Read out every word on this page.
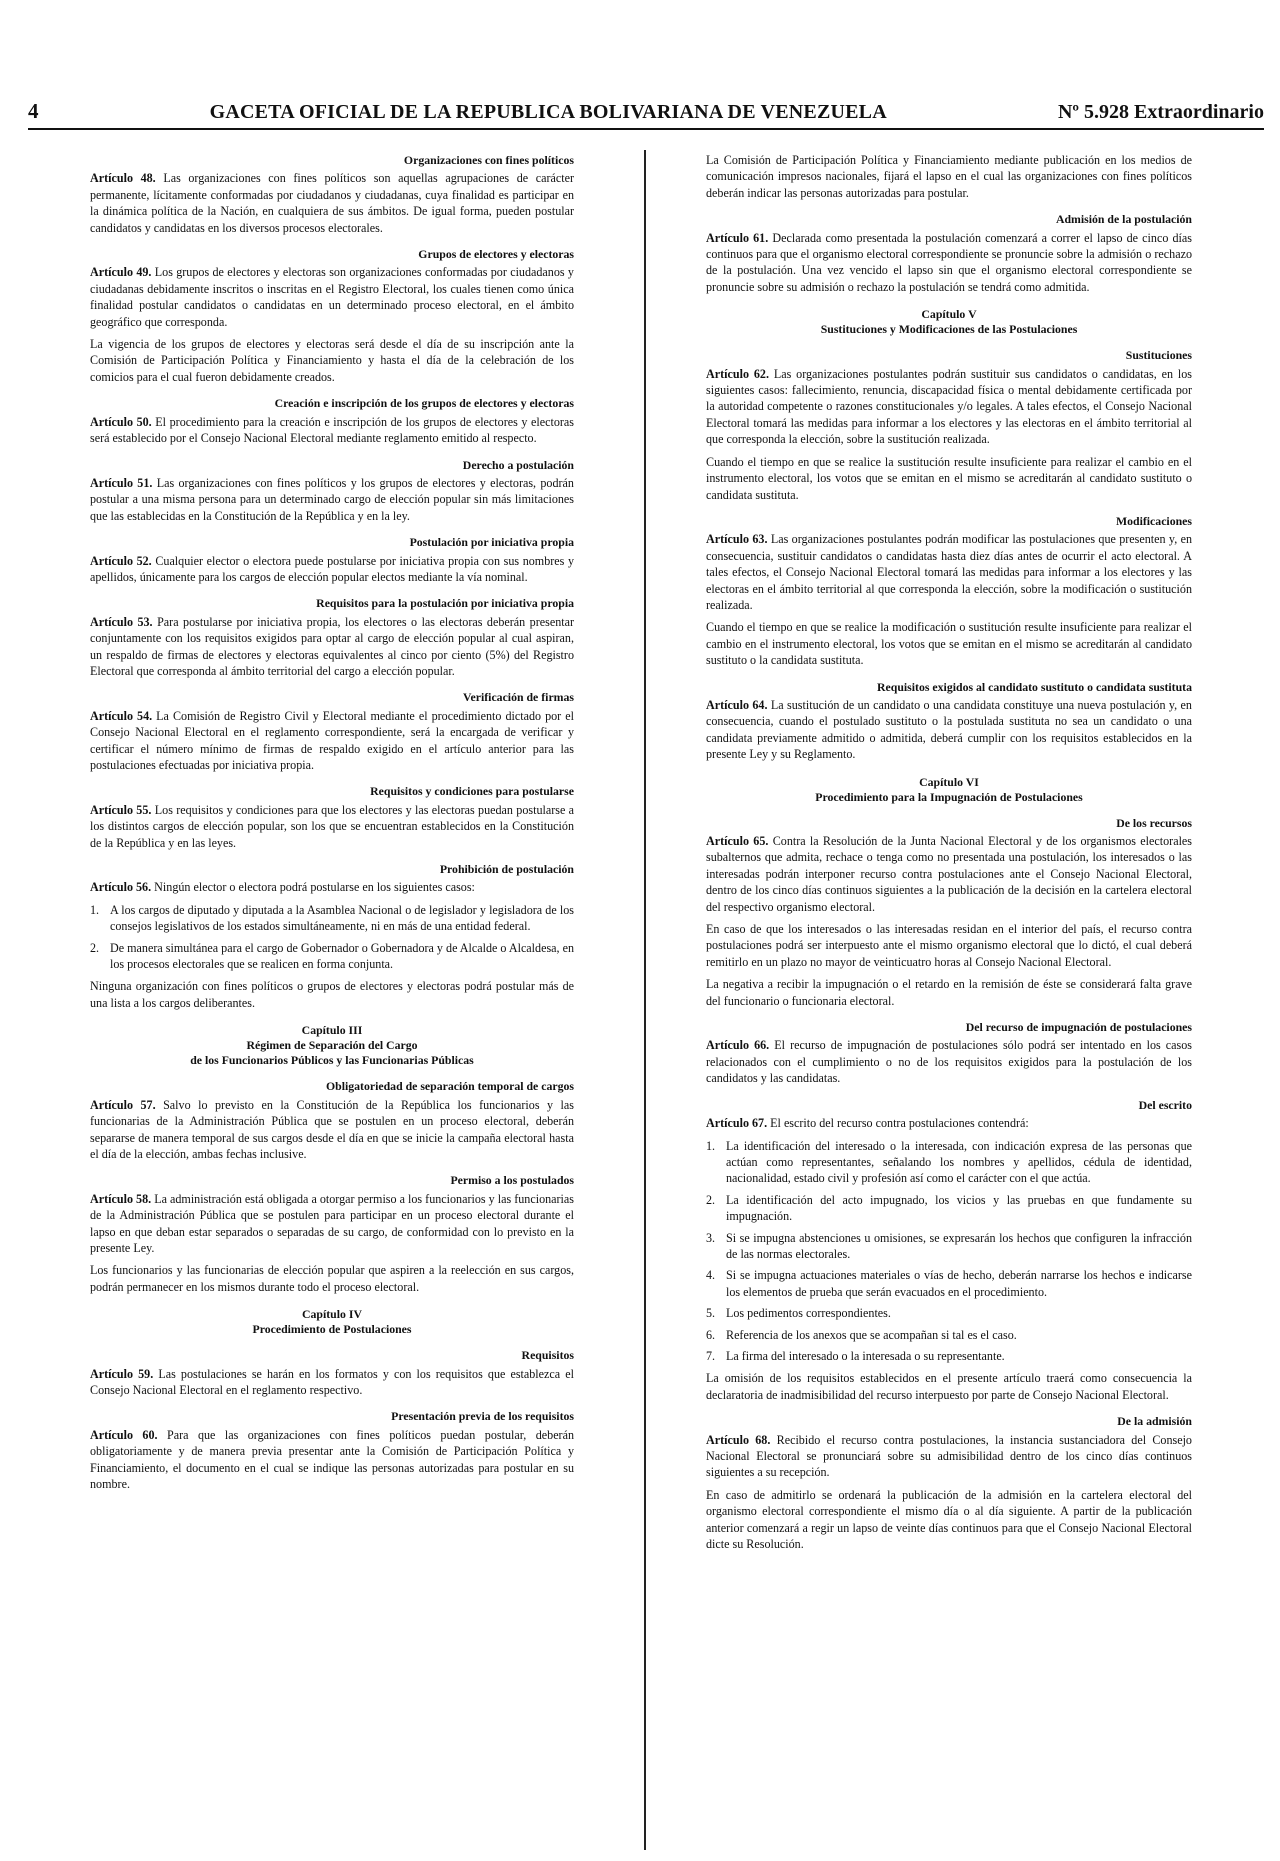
4	GACETA OFICIAL DE LA REPUBLICA BOLIVARIANA DE VENEZUELA	Nº 5.928 Extraordinario
Organizaciones con fines políticos

Artículo 48. Las organizaciones con fines políticos son aquellas agrupaciones de carácter permanente, lícitamente conformadas por ciudadanos y ciudadanas, cuya finalidad es participar en la dinámica política de la Nación, en cualquiera de sus ámbitos. De igual forma, pueden postular candidatos y candidatas en los diversos procesos electorales.

Grupos de electores y electoras

Artículo 49. Los grupos de electores y electoras son organizaciones conformadas por ciudadanos y ciudadanas debidamente inscritos o inscritas en el Registro Electoral, los cuales tienen como única finalidad postular candidatos o candidatas en un determinado proceso electoral, en el ámbito geográfico que corresponda.

La vigencia de los grupos de electores y electoras será desde el día de su inscripción ante la Comisión de Participación Política y Financiamiento y hasta el día de la celebración de los comicios para el cual fueron debidamente creados.

Creación e inscripción de los grupos de electores y electoras

Artículo 50. El procedimiento para la creación e inscripción de los grupos de electores y electoras será establecido por el Consejo Nacional Electoral mediante reglamento emitido al respecto.

Derecho a postulación

Artículo 51. Las organizaciones con fines políticos y los grupos de electores y electoras, podrán postular a una misma persona para un determinado cargo de elección popular sin más limitaciones que las establecidas en la Constitución de la República y en la ley.

Postulación por iniciativa propia

Artículo 52. Cualquier elector o electora puede postularse por iniciativa propia con sus nombres y apellidos, únicamente para los cargos de elección popular electos mediante la vía nominal.

Requisitos para la postulación por iniciativa propia

Artículo 53. Para postularse por iniciativa propia, los electores o las electoras deberán presentar conjuntamente con los requisitos exigidos para optar al cargo de elección popular al cual aspiran, un respaldo de firmas de electores y electoras equivalentes al cinco por ciento (5%) del Registro Electoral que corresponda al ámbito territorial del cargo a elección popular.

Verificación de firmas

Artículo 54. La Comisión de Registro Civil y Electoral mediante el procedimiento dictado por el Consejo Nacional Electoral en el reglamento correspondiente, será la encargada de verificar y certificar el número mínimo de firmas de respaldo exigido en el artículo anterior para las postulaciones efectuadas por iniciativa propia.

Requisitos y condiciones para postularse

Artículo 55. Los requisitos y condiciones para que los electores y las electoras puedan postularse a los distintos cargos de elección popular, son los que se encuentran establecidos en la Constitución de la República y en las leyes.

Prohibición de postulación

Artículo 56. Ningún elector o electora podrá postularse en los siguientes casos:

1. A los cargos de diputado y diputada a la Asamblea Nacional o de legislador y legisladora de los consejos legislativos de los estados simultáneamente, ni en más de una entidad federal.
2. De manera simultánea para el cargo de Gobernador o Gobernadora y de Alcalde o Alcaldesa, en los procesos electorales que se realicen en forma conjunta.

Ninguna organización con fines políticos o grupos de electores y electoras podrá postular más de una lista a los cargos deliberantes.

Capítulo III
Régimen de Separación del Cargo
de los Funcionarios Públicos y las Funcionarias Públicas
Obligatoriedad de separación temporal de cargos

Artículo 57. Salvo lo previsto en la Constitución de la República los funcionarios y las funcionarias de la Administración Pública que se postulen en un proceso electoral, deberán separarse de manera temporal de sus cargos desde el día en que se inicie la campaña electoral hasta el día de la elección, ambas fechas inclusive.

Permiso a los postulados

Artículo 58. La administración está obligada a otorgar permiso a los funcionarios y las funcionarias de la Administración Pública que se postulen para participar en un proceso electoral durante el lapso en que deban estar separados o separadas de su cargo, de conformidad con lo previsto en la presente Ley.

Los funcionarios y las funcionarias de elección popular que aspiren a la reelección en sus cargos, podrán permanecer en los mismos durante todo el proceso electoral.

Capítulo IV
Procedimiento de Postulaciones
Requisitos

Artículo 59. Las postulaciones se harán en los formatos y con los requisitos que establezca el Consejo Nacional Electoral en el reglamento respectivo.

Presentación previa de los requisitos

Artículo 60. Para que las organizaciones con fines políticos puedan postular, deberán obligatoriamente y de manera previa presentar ante la Comisión de Participación Política y Financiamiento, el documento en el cual se indique las personas autorizadas para postular en su nombre.

La Comisión de Participación Política y Financiamiento mediante publicación en los medios de comunicación impresos nacionales, fijará el lapso en el cual las organizaciones con fines políticos deberán indicar las personas autorizadas para postular.

Admisión de la postulación

Artículo 61. Declarada como presentada la postulación comenzará a correr el lapso de cinco días continuos para que el organismo electoral correspondiente se pronuncie sobre la admisión o rechazo de la postulación. Una vez vencido el lapso sin que el organismo electoral correspondiente se pronuncie sobre su admisión o rechazo la postulación se tendrá como admitida.

Capítulo V
Sustituciones y Modificaciones de las Postulaciones
Sustituciones

Artículo 62. Las organizaciones postulantes podrán sustituir sus candidatos o candidatas, en los siguientes casos: fallecimiento, renuncia, discapacidad física o mental debidamente certificada por la autoridad competente o razones constitucionales y/o legales. A tales efectos, el Consejo Nacional Electoral tomará las medidas para informar a los electores y las electoras en el ámbito territorial al que corresponda la elección, sobre la sustitución realizada.

Cuando el tiempo en que se realice la sustitución resulte insuficiente para realizar el cambio en el instrumento electoral, los votos que se emitan en el mismo se acreditarán al candidato sustituto o candidata sustituta.

Modificaciones

Artículo 63. Las organizaciones postulantes podrán modificar las postulaciones que presenten y, en consecuencia, sustituir candidatos o candidatas hasta diez días antes de ocurrir el acto electoral. A tales efectos, el Consejo Nacional Electoral tomará las medidas para informar a los electores y las electoras en el ámbito territorial al que corresponda la elección, sobre la modificación o sustitución realizada.

Cuando el tiempo en que se realice la modificación o sustitución resulte insuficiente para realizar el cambio en el instrumento electoral, los votos que se emitan en el mismo se acreditarán al candidato sustituto o la candidata sustituta.

Requisitos exigidos al candidato sustituto o candidata sustituta

Artículo 64. La sustitución de un candidato o una candidata constituye una nueva postulación y, en consecuencia, cuando el postulado sustituto o la postulada sustituta no sea un candidato o una candidata previamente admitido o admitida, deberá cumplir con los requisitos establecidos en la presente Ley y su Reglamento.

Capítulo VI
Procedimiento para la Impugnación de Postulaciones
De los recursos

Artículo 65. Contra la Resolución de la Junta Nacional Electoral y de los organismos electorales subalternos que admita, rechace o tenga como no presentada una postulación, los interesados o las interesadas podrán interponer recurso contra postulaciones ante el Consejo Nacional Electoral, dentro de los cinco días continuos siguientes a la publicación de la decisión en la cartelera electoral del respectivo organismo electoral.

En caso de que los interesados o las interesadas residan en el interior del país, el recurso contra postulaciones podrá ser interpuesto ante el mismo organismo electoral que lo dictó, el cual deberá remitirlo en un plazo no mayor de veinticuatro horas al Consejo Nacional Electoral.

La negativa a recibir la impugnación o el retardo en la remisión de éste se considerará falta grave del funcionario o funcionaria electoral.

Del recurso de impugnación de postulaciones

Artículo 66. El recurso de impugnación de postulaciones sólo podrá ser intentado en los casos relacionados con el cumplimiento o no de los requisitos exigidos para la postulación de los candidatos y las candidatas.

Del escrito

Artículo 67. El escrito del recurso contra postulaciones contendrá:

1. La identificación del interesado o la interesada, con indicación expresa de las personas que actúan como representantes, señalando los nombres y apellidos, cédula de identidad, nacionalidad, estado civil y profesión así como el carácter con el que actúa.
2. La identificación del acto impugnado, los vicios y las pruebas en que fundamente su impugnación.
3. Si se impugna abstenciones u omisiones, se expresarán los hechos que configuren la infracción de las normas electorales.
4. Si se impugna actuaciones materiales o vías de hecho, deberán narrarse los hechos e indicarse los elementos de prueba que serán evacuados en el procedimiento.
5. Los pedimentos correspondientes.
6. Referencia de los anexos que se acompañan si tal es el caso.
7. La firma del interesado o la interesada o su representante.

La omisión de los requisitos establecidos en el presente artículo traerá como consecuencia la declaratoria de inadmisibilidad del recurso interpuesto por parte de Consejo Nacional Electoral.

De la admisión

Artículo 68. Recibido el recurso contra postulaciones, la instancia sustanciadora del Consejo Nacional Electoral se pronunciará sobre su admisibilidad dentro de los cinco días continuos siguientes a su recepción.

En caso de admitirlo se ordenará la publicación de la admisión en la cartelera electoral del organismo electoral correspondiente el mismo día o al día siguiente. A partir de la publicación anterior comenzará a regir un lapso de veinte días continuos para que el Consejo Nacional Electoral dicte su Resolución.
